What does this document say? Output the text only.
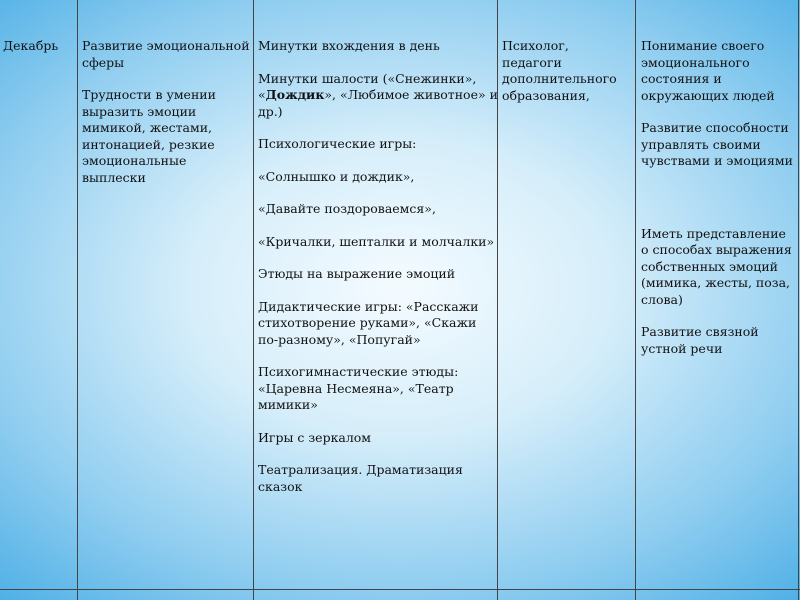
Декабрь	Развитие эмоциональной сферы

Трудности в умении выразить эмоции мимикой, жестами, интонацией, резкие эмоциональные выплески

Минутки вхождения в день

Минутки шалости («Снежинки», «Дождик», «Любимое животное» и др.)

Психологические игры:

«Солнышко и дождик»,

«Давайте поздороваемся»,

«Кричалки, шепталки и молчалки»

Этюды на выражение эмоций

Дидактические игры: «Расскажи стихотворение руками», «Скажи по-разному», «Попугай»

Психогимнастические этюды: «Царевна Несмеяна», «Театр мимики»

Игры с зеркалом

Театрализация. Драматизация сказок

Психолог, педагоги дополнительного образования,

Понимание своего эмоционального состояния и окружающих людей

Развитие способности управлять своими чувствами и эмоциями

Иметь представление о способах выражения собственных эмоций (мимика, жесты, поза, слова)

Развитие связной устной речи
